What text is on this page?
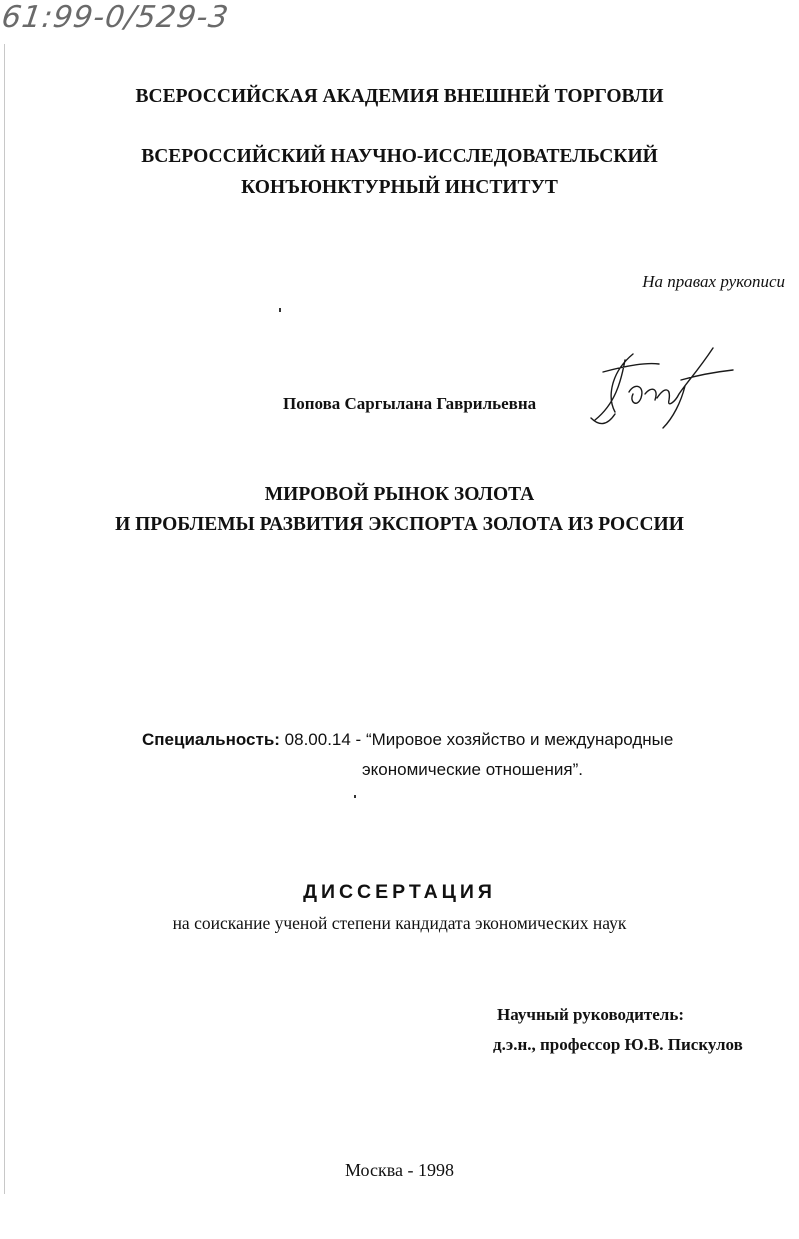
61:99-0/529-3
ВСЕРОССИЙСКАЯ АКАДЕМИЯ ВНЕШНЕЙ ТОРГОВЛИ
ВСЕРОССИЙСКИЙ НАУЧНО-ИССЛЕДОВАТЕЛЬСКИЙ
КОНЪЮНКТУРНЫЙ ИНСТИТУТ
На правах рукописи
Попова Саргылана Гаврильевна
МИРОВОЙ РЫНОК ЗОЛОТА
И ПРОБЛЕМЫ РАЗВИТИЯ ЭКСПОРТА ЗОЛОТА ИЗ РОССИИ
Специальность: 08.00.14 - “Мировое хозяйство и международные
экономические отношения”.
ДИССЕРТАЦИЯ
на соискание ученой степени кандидата экономических наук
Научный руководитель:
д.э.н., профессор Ю.В. Пискулов
Москва - 1998
